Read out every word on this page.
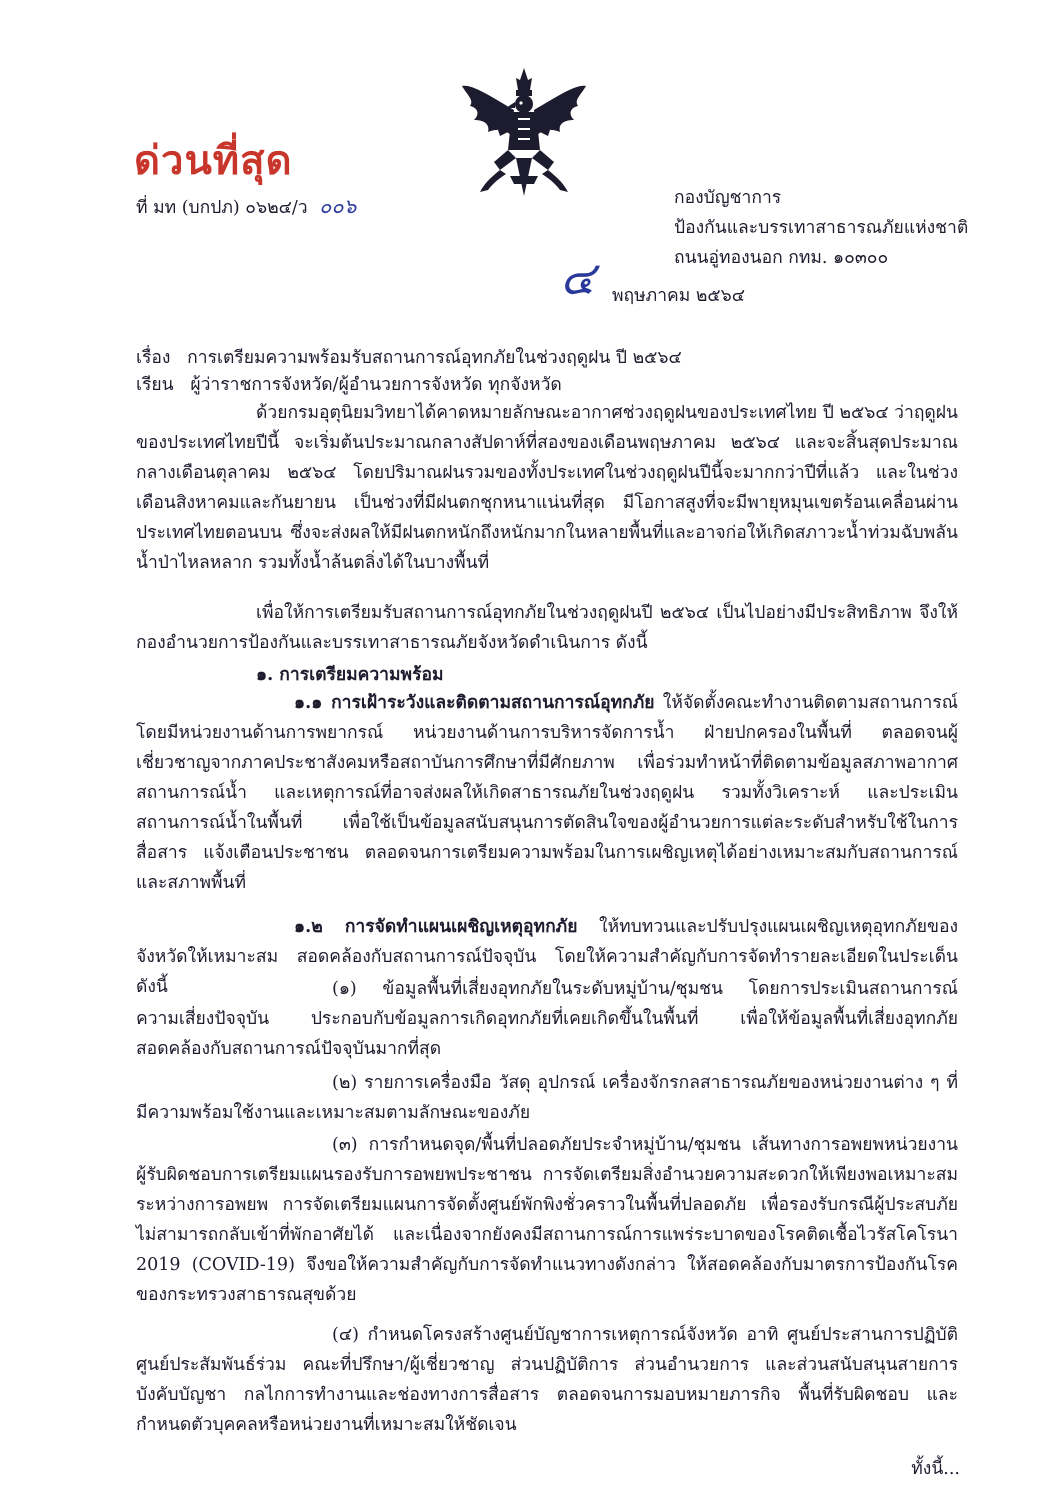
ด่วนที่สุด
ที่ มท (บกปภ) ๐๖๒๔/ว ๐๐๖	กองบัญชาการ
ป้องกันและบรรเทาสาธารณภัยแห่งชาติ
ถนนอู่ทองนอก กทม. ๑๐๓๐๐
๔ พฤษภาคม ๒๕๖๔
เรื่อง การเตรียมความพร้อมรับสถานการณ์อุทกภัยในช่วงฤดูฝน ปี ๒๕๖๔
เรียน ผู้ว่าราชการจังหวัด/ผู้อำนวยการจังหวัด ทุกจังหวัด
ด้วยกรมอุตุนิยมวิทยาได้คาดหมายลักษณะอากาศช่วงฤดูฝนของประเทศไทย ปี ๒๕๖๔ ว่าฤดูฝนของประเทศไทยปีนี้ จะเริ่มต้นประมาณกลางสัปดาห์ที่สองของเดือนพฤษภาคม ๒๕๖๔ และจะสิ้นสุดประมาณกลางเดือนตุลาคม ๒๕๖๔ โดยปริมาณฝนรวมของทั้งประเทศในช่วงฤดูฝนปีนี้จะมากกว่าปีที่แล้ว และในช่วงเดือนสิงหาคมและกันยายน เป็นช่วงที่มีฝนตกชุกหนาแน่นที่สุด มีโอกาสสูงที่จะมีพายุหมุนเขตร้อนเคลื่อนผ่านประเทศไทยตอนบน ซึ่งจะส่งผลให้มีฝนตกหนักถึงหนักมากในหลายพื้นที่และอาจก่อให้เกิดสภาวะน้ำท่วมฉับพลัน น้ำป่าไหลหลาก รวมทั้งน้ำล้นตลิ่งได้ในบางพื้นที่
เพื่อให้การเตรียมรับสถานการณ์อุทกภัยในช่วงฤดูฝนปี ๒๕๖๔ เป็นไปอย่างมีประสิทธิภาพ จึงให้กองอำนวยการป้องกันและบรรเทาสาธารณภัยจังหวัดดำเนินการ ดังนี้
๑. การเตรียมความพร้อม
๑.๑ การเฝ้าระวังและติดตามสถานการณ์อุทกภัย ให้จัดตั้งคณะทำงานติดตามสถานการณ์ โดยมีหน่วยงานด้านการพยากรณ์ หน่วยงานด้านการบริหารจัดการน้ำ ฝ่ายปกครองในพื้นที่ ตลอดจนผู้เชี่ยวชาญจากภาคประชาสังคมหรือสถาบันการศึกษาที่มีศักยภาพ เพื่อร่วมทำหน้าที่ติดตามข้อมูลสภาพอากาศ สถานการณ์น้ำ และเหตุการณ์ที่อาจส่งผลให้เกิดสาธารณภัยในช่วงฤดูฝน รวมทั้งวิเคราะห์ และประเมินสถานการณ์น้ำในพื้นที่ เพื่อใช้เป็นข้อมูลสนับสนุนการตัดสินใจของผู้อำนวยการแต่ละระดับสำหรับใช้ในการสื่อสาร แจ้งเตือนประชาชน ตลอดจนการเตรียมความพร้อมในการเผชิญเหตุได้อย่างเหมาะสมกับสถานการณ์และสภาพพื้นที่
๑.๒ การจัดทำแผนเผชิญเหตุอุทกภัย ให้ทบทวนและปรับปรุงแผนเผชิญเหตุอุทกภัยของจังหวัดให้เหมาะสม สอดคล้องกับสถานการณ์ปัจจุบัน โดยให้ความสำคัญกับการจัดทำรายละเอียดในประเด็น ดังนี้	(๑) ข้อมูลพื้นที่เสี่ยงอุทกภัยในระดับหมู่บ้าน/ชุมชน โดยการประเมินสถานการณ์ความเสี่ยงปัจจุบัน ประกอบกับข้อมูลการเกิดอุทกภัยที่เคยเกิดขึ้นในพื้นที่ เพื่อให้ข้อมูลพื้นที่เสี่ยงอุทกภัยสอดคล้องกับสถานการณ์ปัจจุบันมากที่สุด
(๒) รายการเครื่องมือ วัสดุ อุปกรณ์ เครื่องจักรกลสาธารณภัยของหน่วยงานต่าง ๆ ที่มีความพร้อมใช้งานและเหมาะสมตามลักษณะของภัย
(๓) การกำหนดจุด/พื้นที่ปลอดภัยประจำหมู่บ้าน/ชุมชน เส้นทางการอพยพหน่วยงานผู้รับผิดชอบการเตรียมแผนรองรับการอพยพประชาชน การจัดเตรียมสิ่งอำนวยความสะดวกให้เพียงพอเหมาะสมระหว่างการอพยพ การจัดเตรียมแผนการจัดตั้งศูนย์พักพิงชั่วคราวในพื้นที่ปลอดภัย เพื่อรองรับกรณีผู้ประสบภัยไม่สามารถกลับเข้าที่พักอาศัยได้ และเนื่องจากยังคงมีสถานการณ์การแพร่ระบาดของโรคติดเชื้อไวรัสโคโรนา 2019 (COVID-19) จึงขอให้ความสำคัญกับการจัดทำแนวทางดังกล่าว ให้สอดคล้องกับมาตรการป้องกันโรคของกระทรวงสาธารณสุขด้วย
(๔) กำหนดโครงสร้างศูนย์บัญชาการเหตุการณ์จังหวัด อาทิ ศูนย์ประสานการปฏิบัติศูนย์ประสัมพันธ์ร่วม คณะที่ปรึกษา/ผู้เชี่ยวชาญ ส่วนปฏิบัติการ ส่วนอำนวยการ และส่วนสนับสนุนสายการบังคับบัญชา กลไกการทำงานและช่องทางการสื่อสาร ตลอดจนการมอบหมายภารกิจ พื้นที่รับผิดชอบ และกำหนดตัวบุคคลหรือหน่วยงานที่เหมาะสมให้ชัดเจน
ทั้งนี้...
